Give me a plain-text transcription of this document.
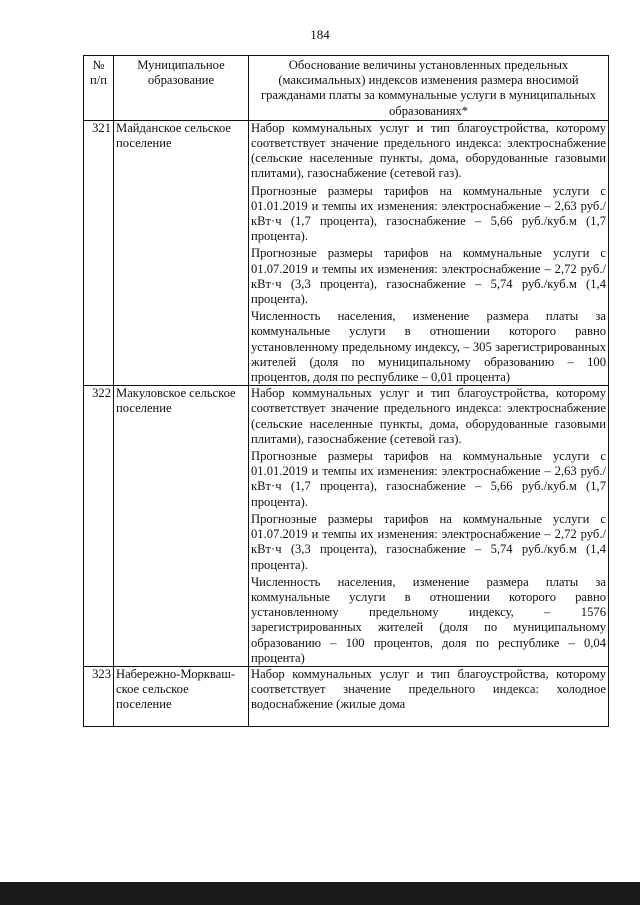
184
№ п/п	Муниципальное образование	Обоснование величины установленных предельных (максимальных) индексов изменения размера вносимой гражданами платы за коммунальные услуги в муниципальных образованиях*
321	Майданское сельское поселение	Набор коммунальных услуг и тип благоустройства, которому соответствует значение предельного индекса: электроснабжение (сельские населенные пункты, дома, оборудованные газовыми плитами), газоснабжение (сетевой газ).

Прогнозные размеры тарифов на коммунальные услуги с 01.01.2019 и темпы их изменения: электроснабжение – 2,63 руб./кВт·ч (1,7 процента), газоснабжение – 5,66 руб./куб.м (1,7 процента).

Прогнозные размеры тарифов на коммунальные услуги с 01.07.2019 и темпы их изменения: электроснабжение – 2,72 руб./кВт·ч (3,3 процента), газоснабжение – 5,74 руб./куб.м (1,4 процента).

Численность населения, изменение размера платы за коммунальные услуги в отношении которого равно установленному предельному индексу, – 305 зарегистрированных жителей (доля по муниципальному образованию – 100 процентов, доля по республике – 0,01 процента)

322	Макуловское сельское поселение	Набор коммунальных услуг и тип благоустройства, которому соответствует значение предельного индекса: электроснабжение (сельские населенные пункты, дома, оборудованные газовыми плитами), газоснабжение (сетевой газ).

Прогнозные размеры тарифов на коммунальные услуги с 01.01.2019 и темпы их изменения: электроснабжение – 2,63 руб./кВт·ч (1,7 процента), газоснабжение – 5,66 руб./куб.м (1,7 процента).

Прогнозные размеры тарифов на коммунальные услуги с 01.07.2019 и темпы их изменения: электроснабжение – 2,72 руб./кВт·ч (3,3 процента), газоснабжение – 5,74 руб./куб.м (1,4 процента).

Численность населения, изменение размера платы за коммунальные услуги в отношении которого равно установленному предельному индексу, – 1576 зарегистрированных жителей (доля по муниципальному образованию – 100 процентов, доля по республике – 0,04 процента)

323	Набережно-Морквашское сельское поселение	Набор коммунальных услуг и тип благоустройства, которому соответствует значение предельного индекса: холодное водоснабжение (жилые дома
